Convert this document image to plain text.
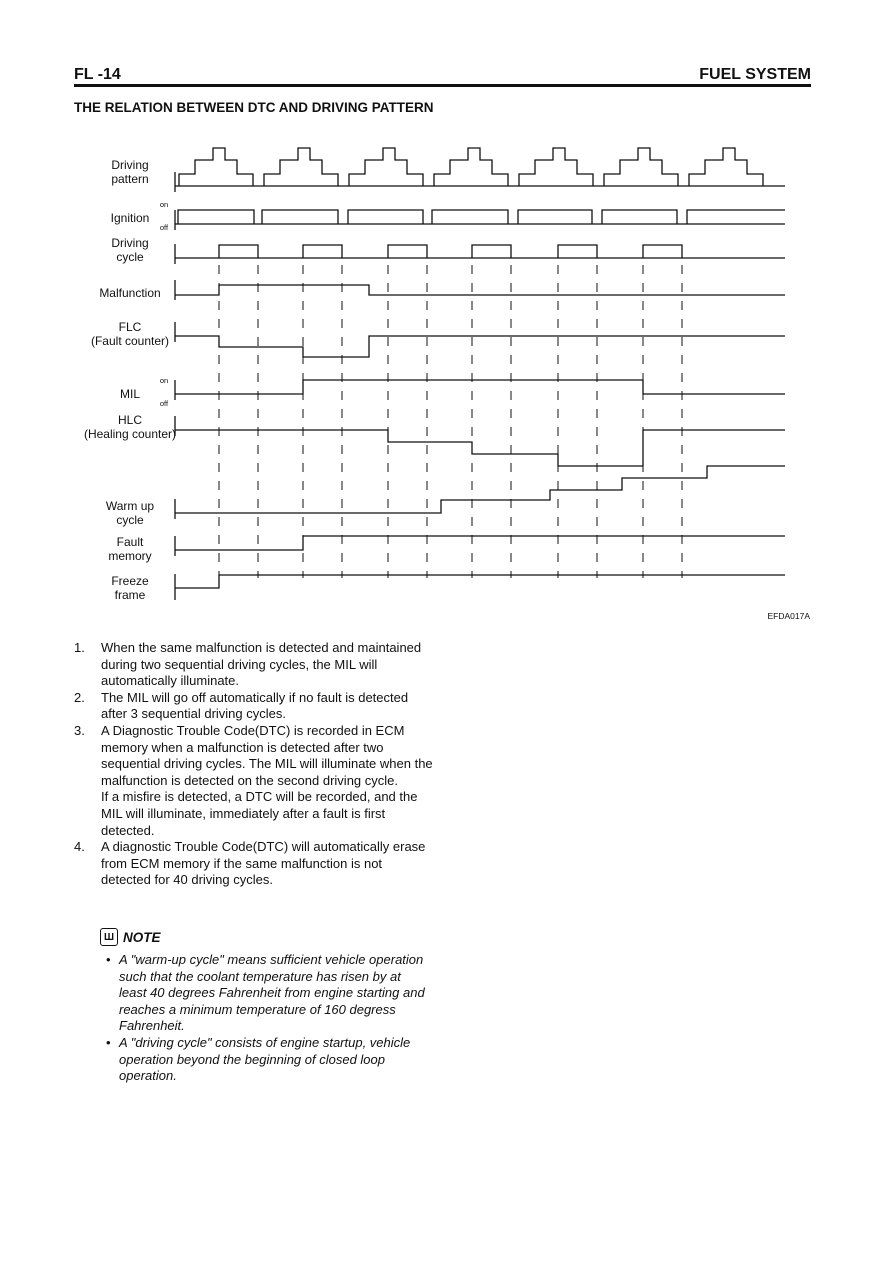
FL -14	FUEL SYSTEM
THE RELATION BETWEEN DTC AND DRIVING PATTERN
Driving
pattern
Ignition
on
off
Driving
cycle
Malfunction
FLC
(Fault counter)
MIL
on
off
HLC
(Healing counter)
Warm up
cycle
Fault
memory
Freeze
frame
EFDA017A
1. When the same malfunction is detected and maintained during two sequential driving cycles, the MIL will automatically illuminate.
2. The MIL will go off automatically if no fault is detected after 3 sequential driving cycles.
3. A Diagnostic Trouble Code(DTC) is recorded in ECM memory when a malfunction is detected after two sequential driving cycles. The MIL will illuminate when the malfunction is detected on the second driving cycle.
If a misfire is detected, a DTC will be recorded, and the MIL will illuminate, immediately after a fault is first detected.
4. A diagnostic Trouble Code(DTC) will automatically erase from ECM memory if the same malfunction is not detected for 40 driving cycles.
Ш NOTE
• A "warm-up cycle" means sufficient vehicle operation such that the coolant temperature has risen by at least 40 degrees Fahrenheit from engine starting and reaches a minimum temperature of 160 degress Fahrenheit.
• A "driving cycle" consists of engine startup, vehicle operation beyond the beginning of closed loop operation.
